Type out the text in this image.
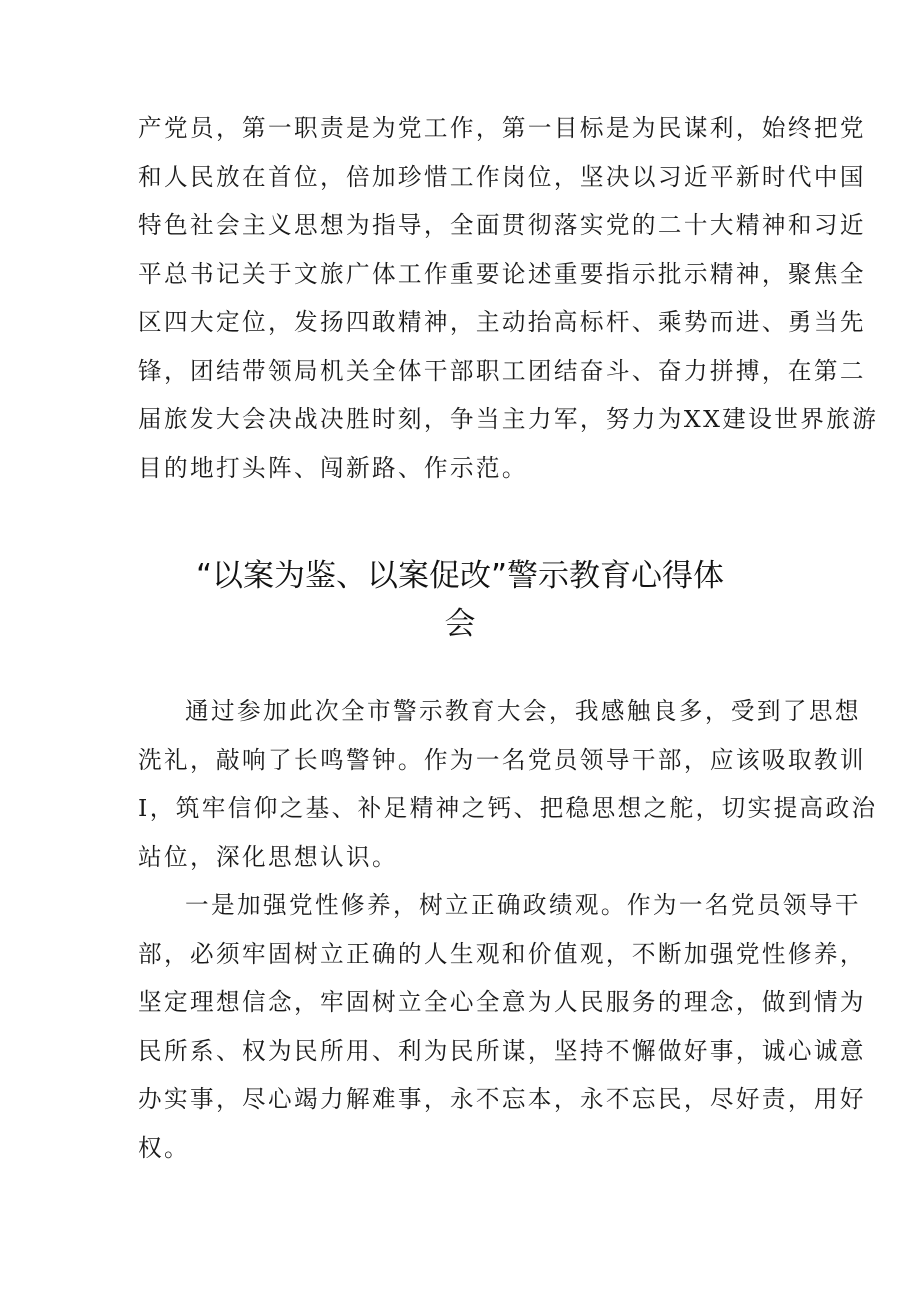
产党员，第一职责是为党工作，第一目标是为民谋利，始终把党
和人民放在首位，倍加珍惜工作岗位，坚决以习近平新时代中国
特色社会主义思想为指导，全面贯彻落实党的二十大精神和习近
平总书记关于文旅广体工作重要论述重要指示批示精神，聚焦全
区四大定位，发扬四敢精神，主动抬高标杆、乘势而进、勇当先
锋，团结带领局机关全体干部职工团结奋斗、奋力拼搏，在第二
届旅发大会决战决胜时刻，争当主力军，努力为XX建设世界旅游
目的地打头阵、闯新路、作示范。
“以案为鉴、以案促改”警示教育心得体
会
通过参加此次全市警示教育大会，我感触良多，受到了思想
洗礼，敲响了长鸣警钟。作为一名党员领导干部，应该吸取教训
I，筑牢信仰之基、补足精神之钙、把稳思想之舵，切实提高政治
站位，深化思想认识。
一是加强党性修养，树立正确政绩观。作为一名党员领导干
部，必须牢固树立正确的人生观和价值观，不断加强党性修养，
坚定理想信念，牢固树立全心全意为人民服务的理念，做到情为
民所系、权为民所用、利为民所谋，坚持不懈做好事，诚心诚意
办实事，尽心竭力解难事，永不忘本，永不忘民，尽好责，用好
权。
